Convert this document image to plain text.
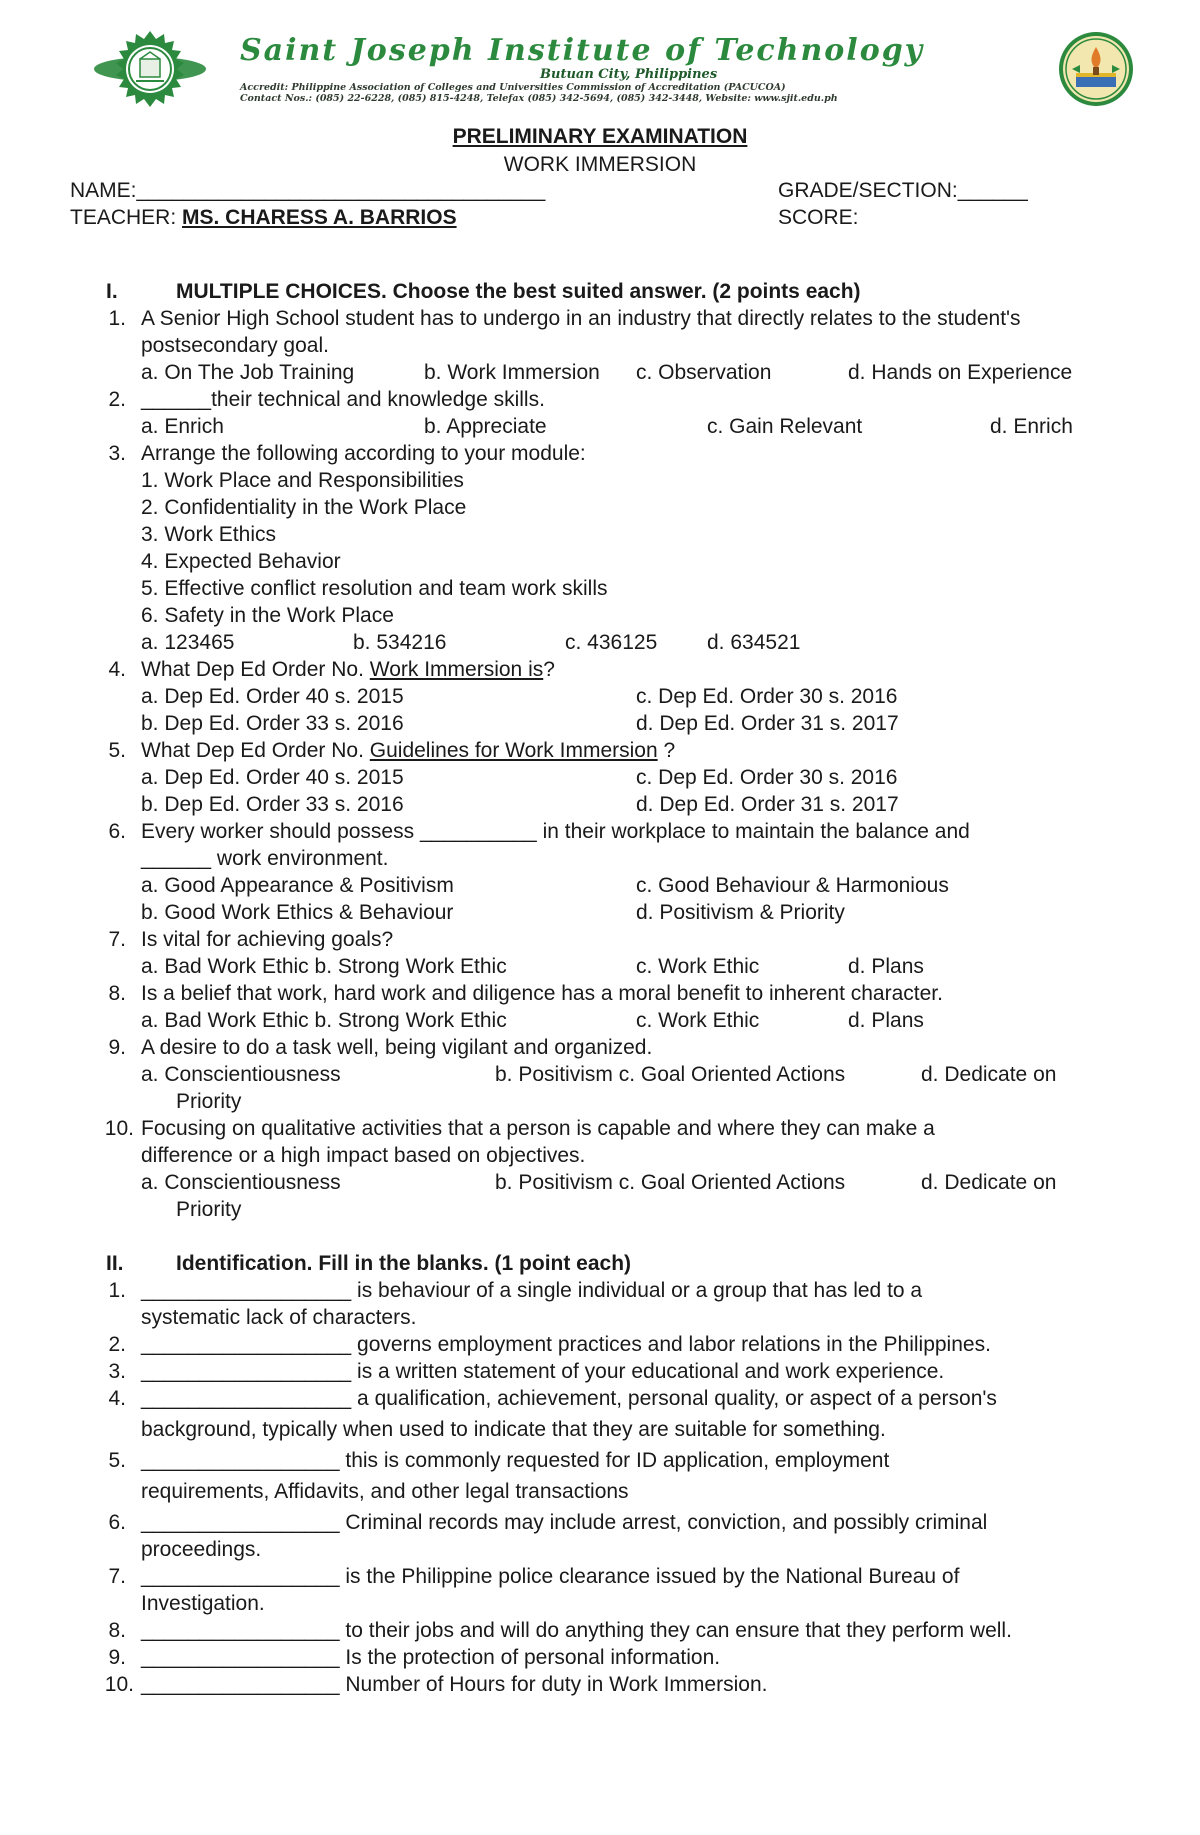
Saint Joseph Institute of Technology
Butuan City, Philippines
Accredit: Philippine Association of Colleges and Universities Commission of Accreditation (PACUCOA)
Contact Nos.: (085) 22-6228, (085) 815-4248, Telefax (085) 342-5694, (085) 342-3448, Website: www.sjit.edu.ph
PRELIMINARY EXAMINATION
WORK IMMERSION
NAME:___________________________________	GRADE/SECTION:______
TEACHER: MS. CHARESS A. BARRIOS	SCORE:
I.	MULTIPLE CHOICES. Choose the best suited answer. (2 points each)
1. A Senior High School student has to undergo in an industry that directly relates to the student's
postsecondary goal.
a. On The Job Training	b. Work Immersion c. Observation	d. Hands on Experience
2. ______their technical and knowledge skills.
a. Enrich	b. Appreciate	c. Gain Relevant	d. Enrich
3. Arrange the following according to your module:
1. Work Place and Responsibilities
2. Confidentiality in the Work Place
3. Work Ethics
4. Expected Behavior
5. Effective conflict resolution and team work skills
6. Safety in the Work Place
a. 123465	b. 534216	c. 436125 d. 634521
4. What Dep Ed Order No. Work Immersion is?
a. Dep Ed. Order 40 s. 2015	c. Dep Ed. Order 30 s. 2016
b. Dep Ed. Order 33 s. 2016	d. Dep Ed. Order 31 s. 2017
5. What Dep Ed Order No. Guidelines for Work Immersion ?
a. Dep Ed. Order 40 s. 2015	c. Dep Ed. Order 30 s. 2016
b. Dep Ed. Order 33 s. 2016	d. Dep Ed. Order 31 s. 2017
6. Every worker should possess __________ in their workplace to maintain the balance and
______ work environment.
a. Good Appearance & Positivism	c. Good Behaviour & Harmonious
b. Good Work Ethics & Behaviour	d. Positivism & Priority
7. Is vital for achieving goals?
a. Bad Work Ethic b. Strong Work Ethic	c. Work Ethic	d. Plans
8. Is a belief that work, hard work and diligence has a moral benefit to inherent character.
a. Bad Work Ethic b. Strong Work Ethic	c. Work Ethic	d. Plans
9. A desire to do a task well, being vigilant and organized.
a. Conscientiousness	b. Positivism c. Goal Oriented Actions	d. Dedicate on
Priority
10. Focusing on qualitative activities that a person is capable and where they can make a
difference or a high impact based on objectives.
a. Conscientiousness	b. Positivism c. Goal Oriented Actions	d. Dedicate on
Priority
II. Identification. Fill in the blanks. (1 point each)
1. __________________ is behaviour of a single individual or a group that has led to a
systematic lack of characters.
2. __________________ governs employment practices and labor relations in the Philippines.
3. __________________ is a written statement of your educational and work experience.
4. __________________ a qualification, achievement, personal quality, or aspect of a person's
background, typically when used to indicate that they are suitable for something.
5. _________________ this is commonly requested for ID application, employment
requirements, Affidavits, and other legal transactions
6. _________________ Criminal records may include arrest, conviction, and possibly criminal
proceedings.
7. _________________ is the Philippine police clearance issued by the National Bureau of
Investigation.
8. _________________ to their jobs and will do anything they can ensure that they perform well.
9. _________________ Is the protection of personal information.
10. _________________ Number of Hours for duty in Work Immersion.
